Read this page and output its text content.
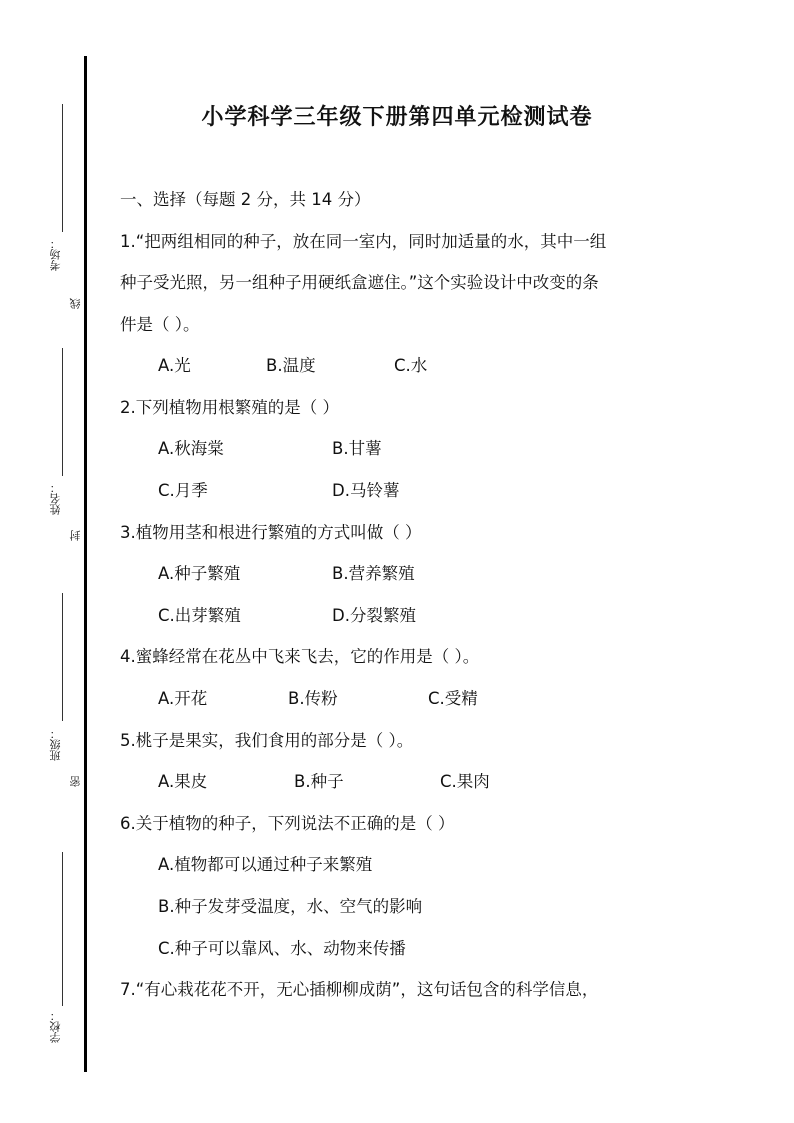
考场：
线
姓名：
封
班级：
密
学校：
小学科学三年级下册第四单元检测试卷
一、选择（每题 2 分，共 14 分）
1.“把两组相同的种子，放在同一室内，同时加适量的水，其中一组
种子受光照，另一组种子用硬纸盒遮住。”这个实验设计中改变的条
件是（ ）。
A.光	B.温度	C.水
2.下列植物用根繁殖的是（ ）
A.秋海棠	B.甘薯
C.月季	D.马铃薯
3.植物用茎和根进行繁殖的方式叫做（ ）
A.种子繁殖	B.营养繁殖
C.出芽繁殖	D.分裂繁殖
4.蜜蜂经常在花丛中飞来飞去，它的作用是（ ）。
A.开花	B.传粉	C.受精
5.桃子是果实，我们食用的部分是（ ）。
A.果皮	B.种子	C.果肉
6.关于植物的种子，下列说法不正确的是（ ）
A.植物都可以通过种子来繁殖
B.种子发芽受温度，水、空气的影响
C.种子可以靠风、水、动物来传播
7.“有心栽花花不开，无心插柳柳成荫”，这句话包含的科学信息，
